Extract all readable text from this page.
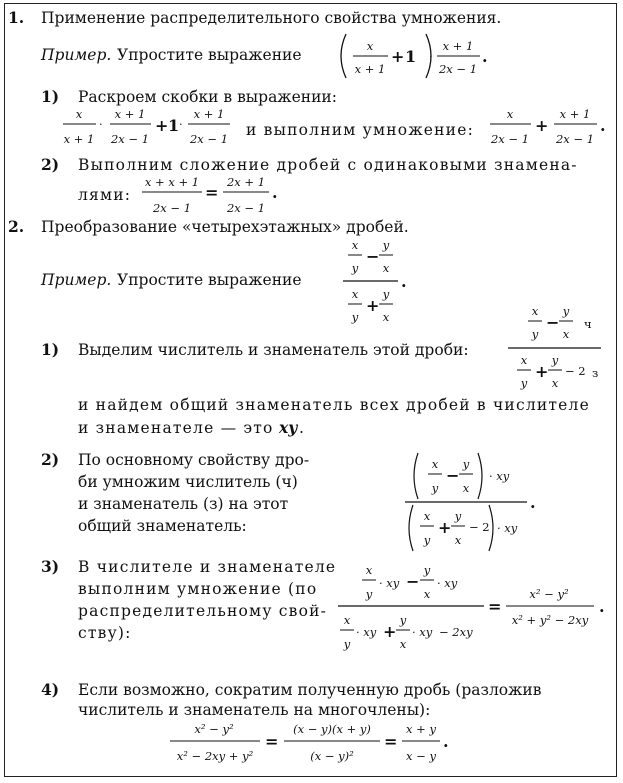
1. Применение распределительного свойства умножения.
Пример. Упростите выражение	x
x + 1
+ 1 ·
x + 1
2x − 1
.
1) Раскроем скобки в выражении:
x
x + 1
·
x + 1
2x − 1
+ 1 ·
x + 1
2x − 1 и выполним умножение:
x
2x − 1
+
x + 1
2x − 1
.
2) Выполним сложение дробей с одинаковыми знамена-
лями:
x + x + 1
2x − 1
=
2x + 1
2x − 1
.
2. Преобразование «четырехэтажных» дробей.
Пример. Упростите выражение
x
y
−
y
x
.
x
y
+
y
x
1) Выделим числитель и знаменатель этой дроби:
x
y
−
y
x
ч
x
y
+
y
x
− 2 з
и найдем общий знаменатель всех дробей в числителе
и знаменателе — это xy .
2) По основному свойству дро-
би умножим числитель (ч)
и знаменатель (з) на этот
общий знаменатель:
x
y
−
y
x
· xy
.
x
y
+
y
x
− 2 · xy
3) В числителе и знаменателе
выполним умножение (по
распределительному свой-
ству):
x
y
· xy −
y
x
· xy
x
y
· xy +
y
x
· xy − 2xy
=
x² − y²
x² + y² − 2xy
.
4) Если возможно, сократим полученную дробь (разложив
числитель и знаменатель на многочлены):
x² − y²
x² − 2xy + y²
=
(x − y)(x + y)
(x − y)²
=
x + y
x − y
.
